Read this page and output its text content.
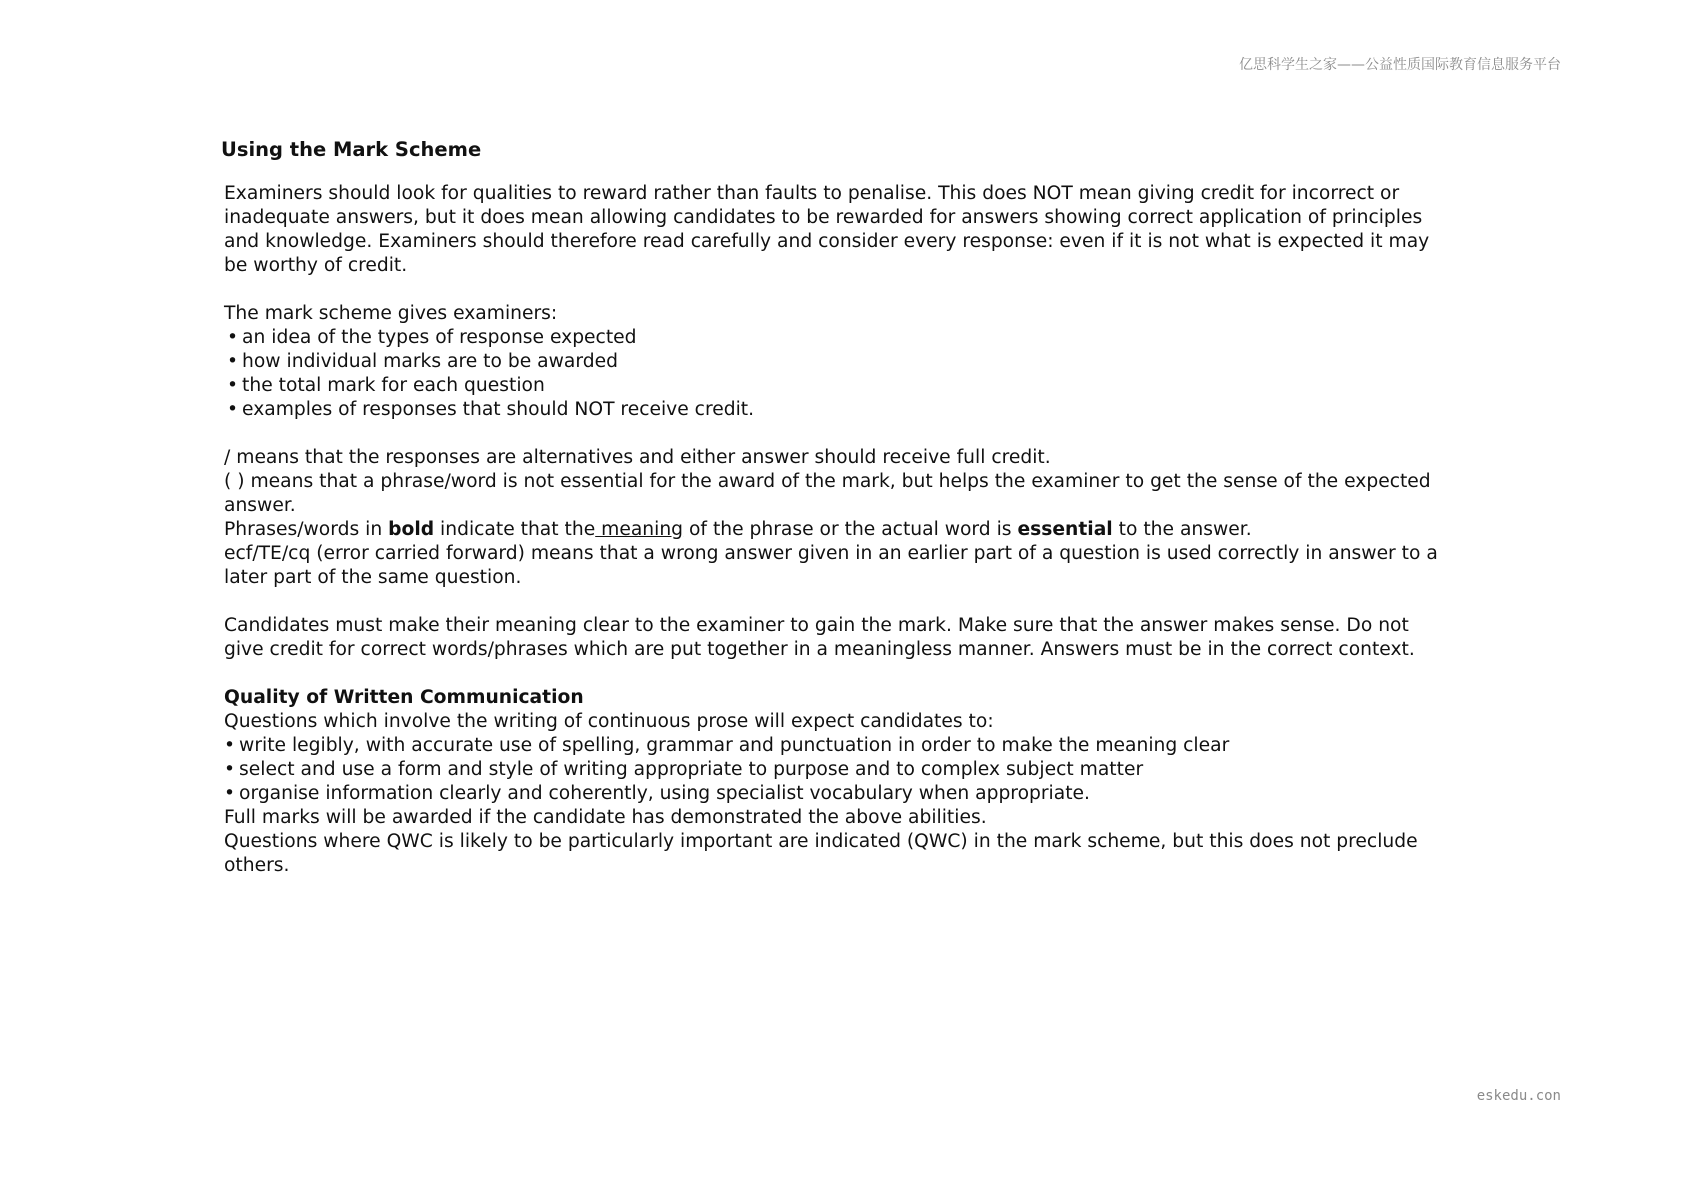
亿思科学生之家——公益性质国际教育信息服务平台
Using the Mark Scheme
Examiners should look for qualities to reward rather than faults to penalise. This does NOT mean giving credit for incorrect or inadequate answers, but it does mean allowing candidates to be rewarded for answers showing correct application of principles and knowledge. Examiners should therefore read carefully and consider every response: even if it is not what is expected it may be worthy of credit.
The mark scheme gives examiners:
• an idea of the types of response expected
• how individual marks are to be awarded
• the total mark for each question
• examples of responses that should NOT receive credit.
/ means that the responses are alternatives and either answer should receive full credit.
( ) means that a phrase/word is not essential for the award of the mark, but helps the examiner to get the sense of the expected answer.
Phrases/words in bold indicate that the meaning of the phrase or the actual word is essential to the answer.
ecf/TE/cq (error carried forward) means that a wrong answer given in an earlier part of a question is used correctly in answer to a later part of the same question.
Candidates must make their meaning clear to the examiner to gain the mark. Make sure that the answer makes sense. Do not give credit for correct words/phrases which are put together in a meaningless manner. Answers must be in the correct context.
Quality of Written Communication
Questions which involve the writing of continuous prose will expect candidates to:
• write legibly, with accurate use of spelling, grammar and punctuation in order to make the meaning clear
• select and use a form and style of writing appropriate to purpose and to complex subject matter
• organise information clearly and coherently, using specialist vocabulary when appropriate.
Full marks will be awarded if the candidate has demonstrated the above abilities.
Questions where QWC is likely to be particularly important are indicated (QWC) in the mark scheme, but this does not preclude others.
eskedu.con
